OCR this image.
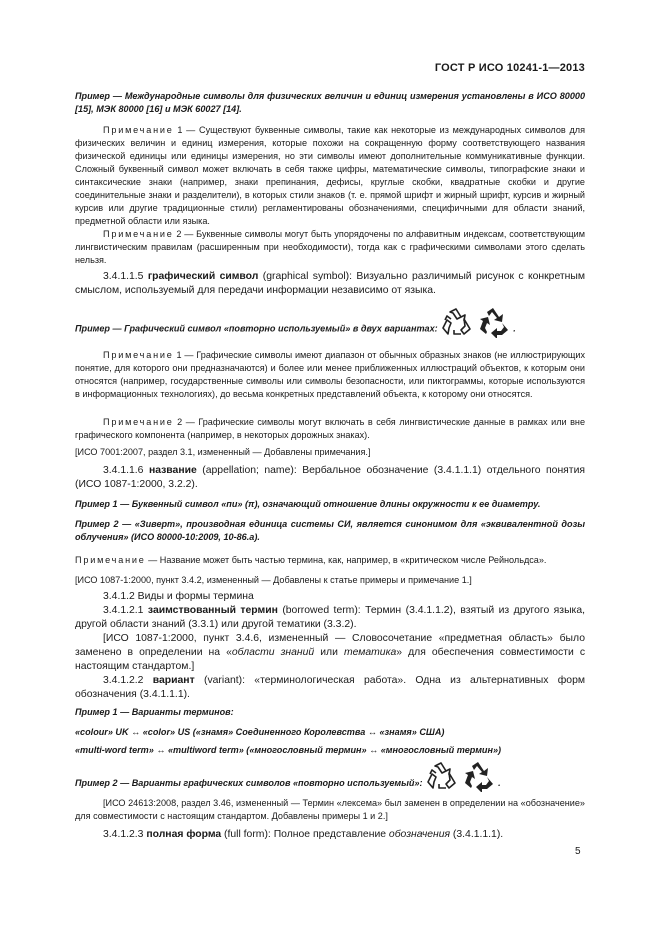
ГОСТ Р ИСО 10241-1—2013
Пример — Международные символы для физических величин и единиц измерения установлены в ИСО 80000 [15], МЭК 80000 [16] и МЭК 60027 [14].
Примечание 1 — Существуют буквенные символы, такие как некоторые из международных символов для физических величин и единиц измерения, которые похожи на сокращенную форму соответствующего названия физической единицы или единицы измерения, но эти символы имеют дополнительные коммуникативные функции. Сложный буквенный символ может включать в себя также цифры, математические символы, типографские знаки и синтаксические знаки (например, знаки препинания, дефисы, круглые скобки, квадратные скобки и другие соединительные знаки и разделители), в которых стили знаков (т. е. прямой шрифт и жирный шрифт, курсив и жирный курсив или другие традиционные стили) регламентированы обозначениями, специфичными для области знаний, предметной области или языка.
Примечание 2 — Буквенные символы могут быть упорядочены по алфавитным индексам, соответствующим лингвистическим правилам (расширенным при необходимости), тогда как с графическими символами этого сделать нельзя.
3.4.1.1.5 графический символ (graphical symbol): Визуально различимый рисунок с конкретным смыслом, используемый для передачи информации независимо от языка.
Пример — Графический символ «повторно используемый» в двух вариантах:	.
Примечание 1 — Графические символы имеют диапазон от обычных образных знаков (не иллюстрирующих понятие, для которого они предназначаются) и более или менее приближенных иллюстраций объектов, к которым они относятся (например, государственные символы или символы безопасности, или пиктограммы, которые используются в информационных технологиях), до весьма конкретных представлений объекта, к которому они относятся.
Примечание 2 — Графические символы могут включать в себя лингвистические данные в рамках или вне графического компонента (например, в некоторых дорожных знаках).
[ИСО 7001:2007, раздел 3.1, измененный — Добавлены примечания.]
3.4.1.1.6 название (appellation; name): Вербальное обозначение (3.4.1.1.1) отдельного понятия (ИСО 1087-1:2000, 3.2.2).
Пример 1 — Буквенный символ «пи» (π), означающий отношение длины окружности к ее диаметру.
Пример 2 — «Зиверт», производная единица системы СИ, является синонимом для «эквивалентной дозы облучения» (ИСО 80000-10:2009, 10-86.а).
Примечание — Название может быть частью термина, как, например, в «критическом числе Рейнольдса».
[ИСО 1087-1:2000, пункт 3.4.2, измененный — Добавлены к статье примеры и примечание 1.]
3.4.1.2 Виды и формы термина
3.4.1.2.1 заимствованный термин (borrowed term): Термин (3.4.1.1.2), взятый из другого языка, другой области знаний (3.3.1) или другой тематики (3.3.2).
[ИСО 1087-1:2000, пункт 3.4.6, измененный — Словосочетание «предметная область» было заменено в определении на «области знаний или тематика» для обеспечения совместимости с настоящим стандартом.]
3.4.1.2.2 вариант (variant): «терминологическая работа». Одна из альтернативных форм обозначения (3.4.1.1.1).
Пример 1 — Варианты терминов:
«colour» UK ↔ «color» US («знамя» Соединенного Королевства ↔ «знамя» США)
«multi-word term» ↔ «multiword term» («многословный термин» ↔ «многословный термин»)
Пример 2 — Варианты графических символов «повторно используемый»:	.
[ИСО 24613:2008, раздел 3.46, измененный — Термин «лексема» был заменен в определении на «обозначение» для совместимости с настоящим стандартом. Добавлены примеры 1 и 2.]
3.4.1.2.3 полная форма (full form): Полное представление обозначения (3.4.1.1.1).
5
